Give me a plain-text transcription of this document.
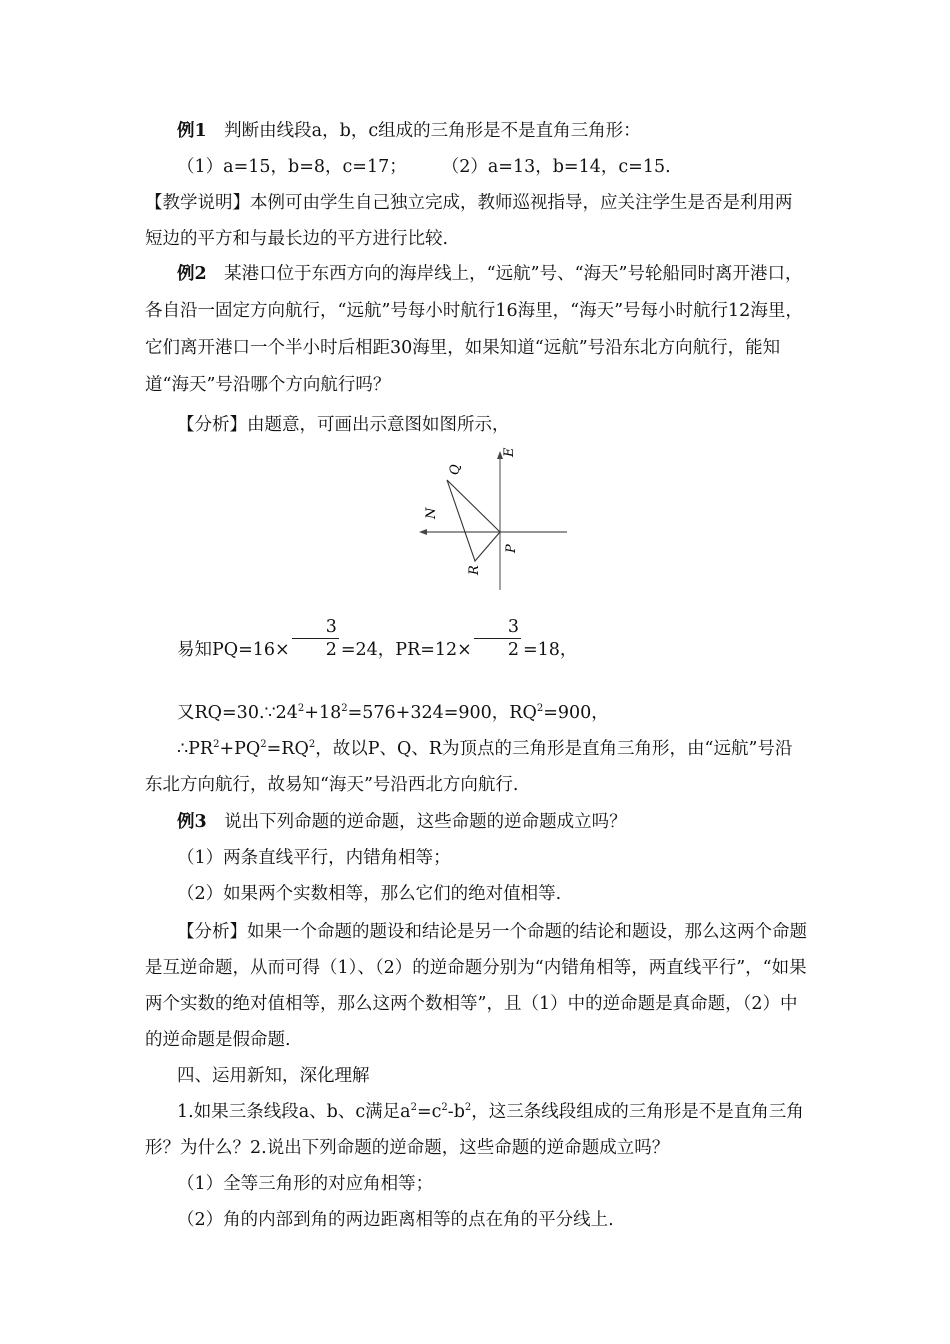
例1　判断由线段a，b，c组成的三角形是不是直角三角形：

（1）a=15，b=8，c=17；　　　（2）a=13，b=14，c=15.

【教学说明】本例可由学生自己独立完成，教师巡视指导，应关注学生是否是利用两短边的平方和与最长边的平方进行比较.

例2　某港口位于东西方向的海岸线上，“远航”号、“海天”号轮船同时离开港口，各自沿一固定方向航行，“远航”号每小时航行16海里，“海天”号每小时航行12海里，它们离开港口一个半小时后相距30海里，如果知道“远航”号沿东北方向航行，能知道“海天”号沿哪个方向航行吗？

【分析】由题意，可画出示意图如图所示，

E
N
Q
P
R

易知$PQ=16\times \frac{3}{2} =24$，$PR=12\times \frac{3}{2} =18$，

又$RQ=30.\because 24^2+18^2=576+324=900$，$RQ^2=900$，

$\therefore PR^2+PQ^2=RQ^2$，故以P、Q、R为顶点的三角形是直角三角形，由“远航”号沿东北方向航行，故易知“海天”号沿西北方向航行.

例3　说出下列命题的逆命题，这些命题的逆命题成立吗？

（1）两条直线平行，内错角相等；

（2）如果两个实数相等，那么它们的绝对值相等.

【分析】如果一个命题的题设和结论是另一个命题的结论和题设，那么这两个命题是互逆命题，从而可得（1）、（2）的逆命题分别为“内错角相等，两直线平行”，“如果两个实数的绝对值相等，那么这两个数相等”，且（1）中的逆命题是真命题，（2）中的逆命题是假命题.

四、运用新知，深化理解

1.如果三条线段a、b、c满足$a^2=c^2-b^2$，这三条线段组成的三角形是不是直角三角形？为什么？2.说出下列命题的逆命题，这些命题的逆命题成立吗？

（1）全等三角形的对应角相等；

（2）角的内部到角的两边距离相等的点在角的平分线上.
